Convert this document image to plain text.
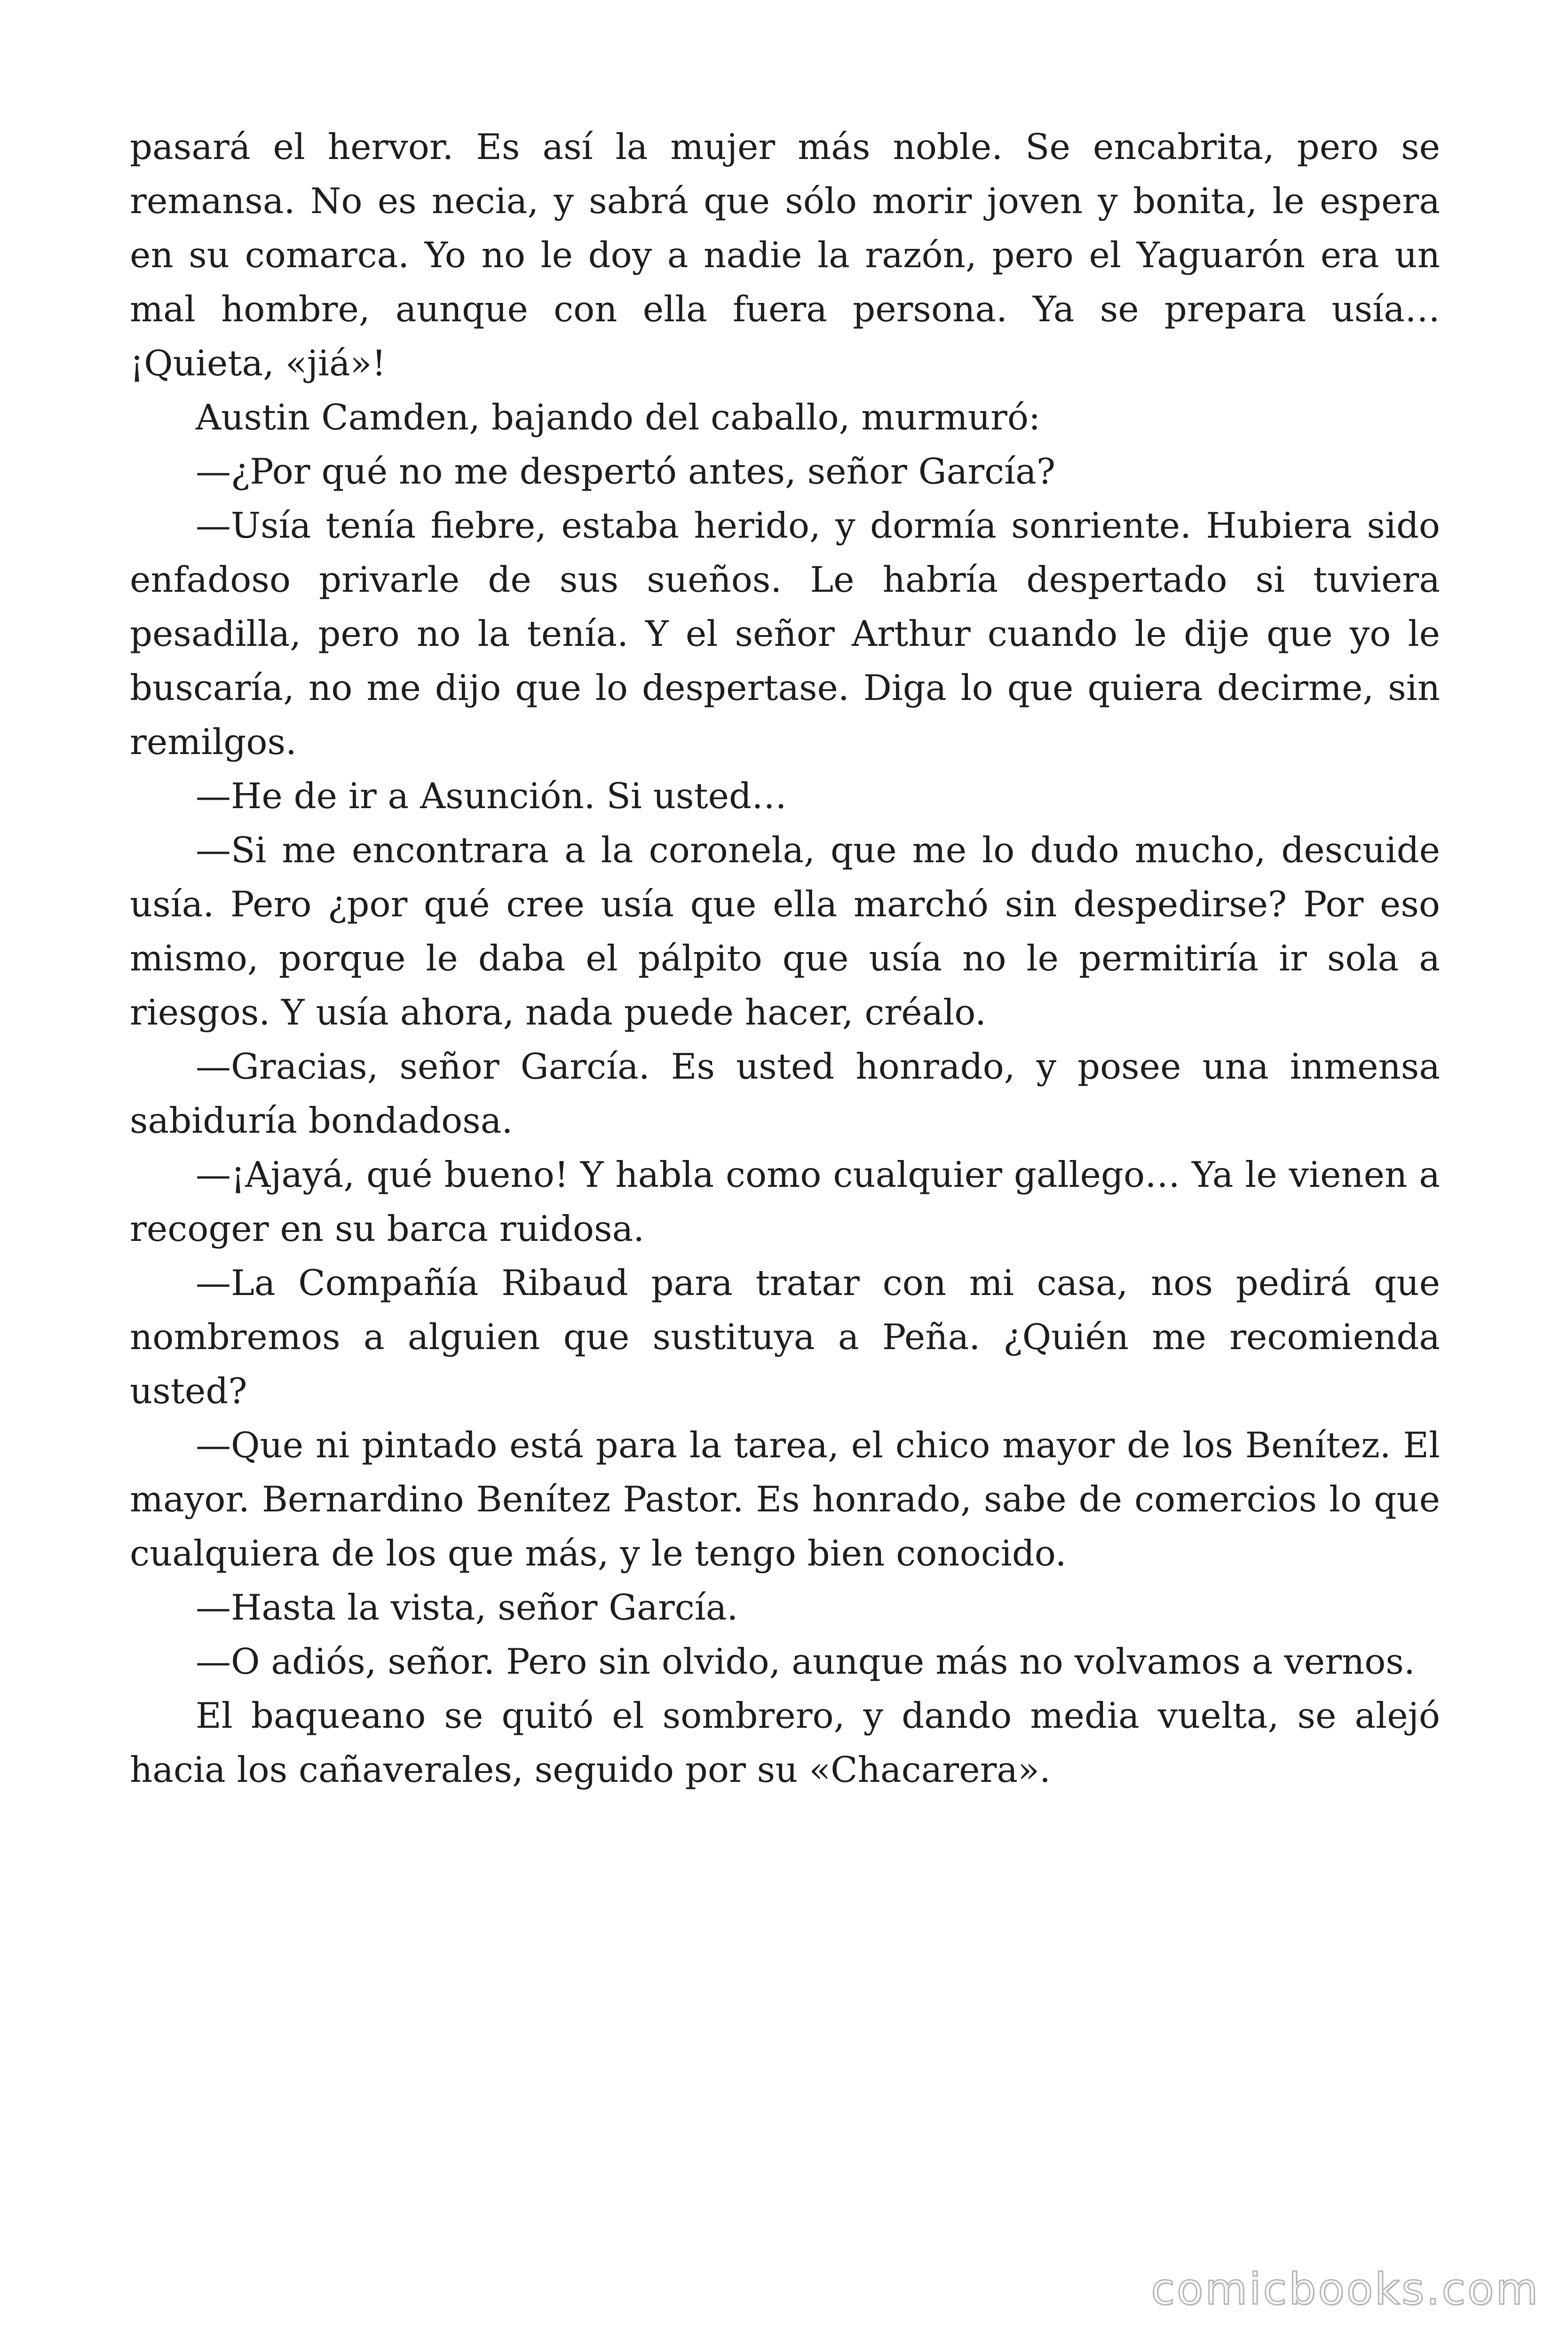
pasará el hervor. Es así la mujer más noble. Se encabrita, pero se remansa. No es necia, y sabrá que sólo morir joven y bonita, le espera en su comarca. Yo no le doy a nadie la razón, pero el Yaguarón era un mal hombre, aunque con ella fuera persona. Ya se prepara usía… ¡Quieta, «jiá»!

Austin Camden, bajando del caballo, murmuró:

—¿Por qué no me despertó antes, señor García?

—Usía tenía fiebre, estaba herido, y dormía sonriente. Hubiera sido enfadoso privarle de sus sueños. Le habría despertado si tuviera pesadilla, pero no la tenía. Y el señor Arthur cuando le dije que yo le buscaría, no me dijo que lo despertase. Diga lo que quiera decirme, sin remilgos.

—He de ir a Asunción. Si usted…

—Si me encontrara a la coronela, que me lo dudo mucho, descuide usía. Pero ¿por qué cree usía que ella marchó sin despedirse? Por eso mismo, porque le daba el pálpito que usía no le permitiría ir sola a riesgos. Y usía ahora, nada puede hacer, créalo.

—Gracias, señor García. Es usted honrado, y posee una inmensa sabiduría bondadosa.

—¡Ajayá, qué bueno! Y habla como cualquier gallego… Ya le vienen a recoger en su barca ruidosa.

—La Compañía Ribaud para tratar con mi casa, nos pedirá que nombremos a alguien que sustituya a Peña. ¿Quién me recomienda usted?

—Que ni pintado está para la tarea, el chico mayor de los Benítez. El mayor. Bernardino Benítez Pastor. Es honrado, sabe de comercios lo que cualquiera de los que más, y le tengo bien conocido.

—Hasta la vista, señor García.

—O adiós, señor. Pero sin olvido, aunque más no volvamos a vernos.

El baqueano se quitó el sombrero, y dando media vuelta, se alejó hacia los cañaverales, seguido por su «Chacarera».

comicbooks.com
